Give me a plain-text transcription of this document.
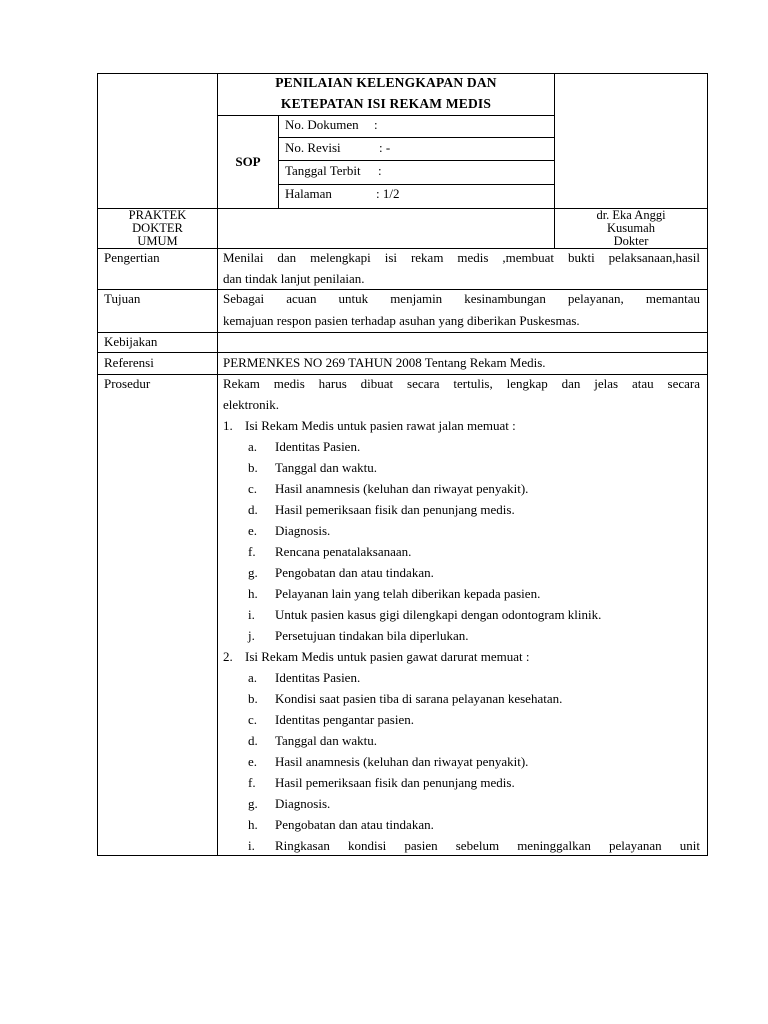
PENILAIAN KELENGKAPAN DAN
KETEPATAN ISI REKAM MEDIS
SOP
No. Dokumen :
No. Revisi	: -
Tanggal Terbit :
Halaman	: 1/2
PRAKTEK
DOKTER
UMUM
dr. Eka Anggi
Kusumah
Dokter
Pengertian	Menilai dan melengkapi isi rekam medis ,membuat bukti pelaksanaan,hasil
dan tindak lanjut penilaian.
Tujuan	Sebagai acuan untuk menjamin kesinambungan pelayanan, memantau
kemajuan respon pasien terhadap asuhan yang diberikan Puskesmas.
Kebijakan
Referensi	PERMENKES NO 269 TAHUN 2008 Tentang Rekam Medis.
Prosedur	Rekam medis harus dibuat secara tertulis, lengkap dan jelas atau secara
elektronik.
1. Isi Rekam Medis untuk pasien rawat jalan memuat :
a. Identitas Pasien.
b. Tanggal dan waktu.
c. Hasil anamnesis (keluhan dan riwayat penyakit).
d. Hasil pemeriksaan fisik dan penunjang medis.
e. Diagnosis.
f. Rencana penatalaksanaan.
g. Pengobatan dan atau tindakan.
h. Pelayanan lain yang telah diberikan kepada pasien.
i. Untuk pasien kasus gigi dilengkapi dengan odontogram klinik.
j. Persetujuan tindakan bila diperlukan.
2. Isi Rekam Medis untuk pasien gawat darurat memuat :
a. Identitas Pasien.
b. Kondisi saat pasien tiba di sarana pelayanan kesehatan.
c. Identitas pengantar pasien.
d. Tanggal dan waktu.
e. Hasil anamnesis (keluhan dan riwayat penyakit).
f. Hasil pemeriksaan fisik dan penunjang medis.
g. Diagnosis.
h. Pengobatan dan atau tindakan.
i. Ringkasan kondisi pasien sebelum meninggalkan pelayanan unit
